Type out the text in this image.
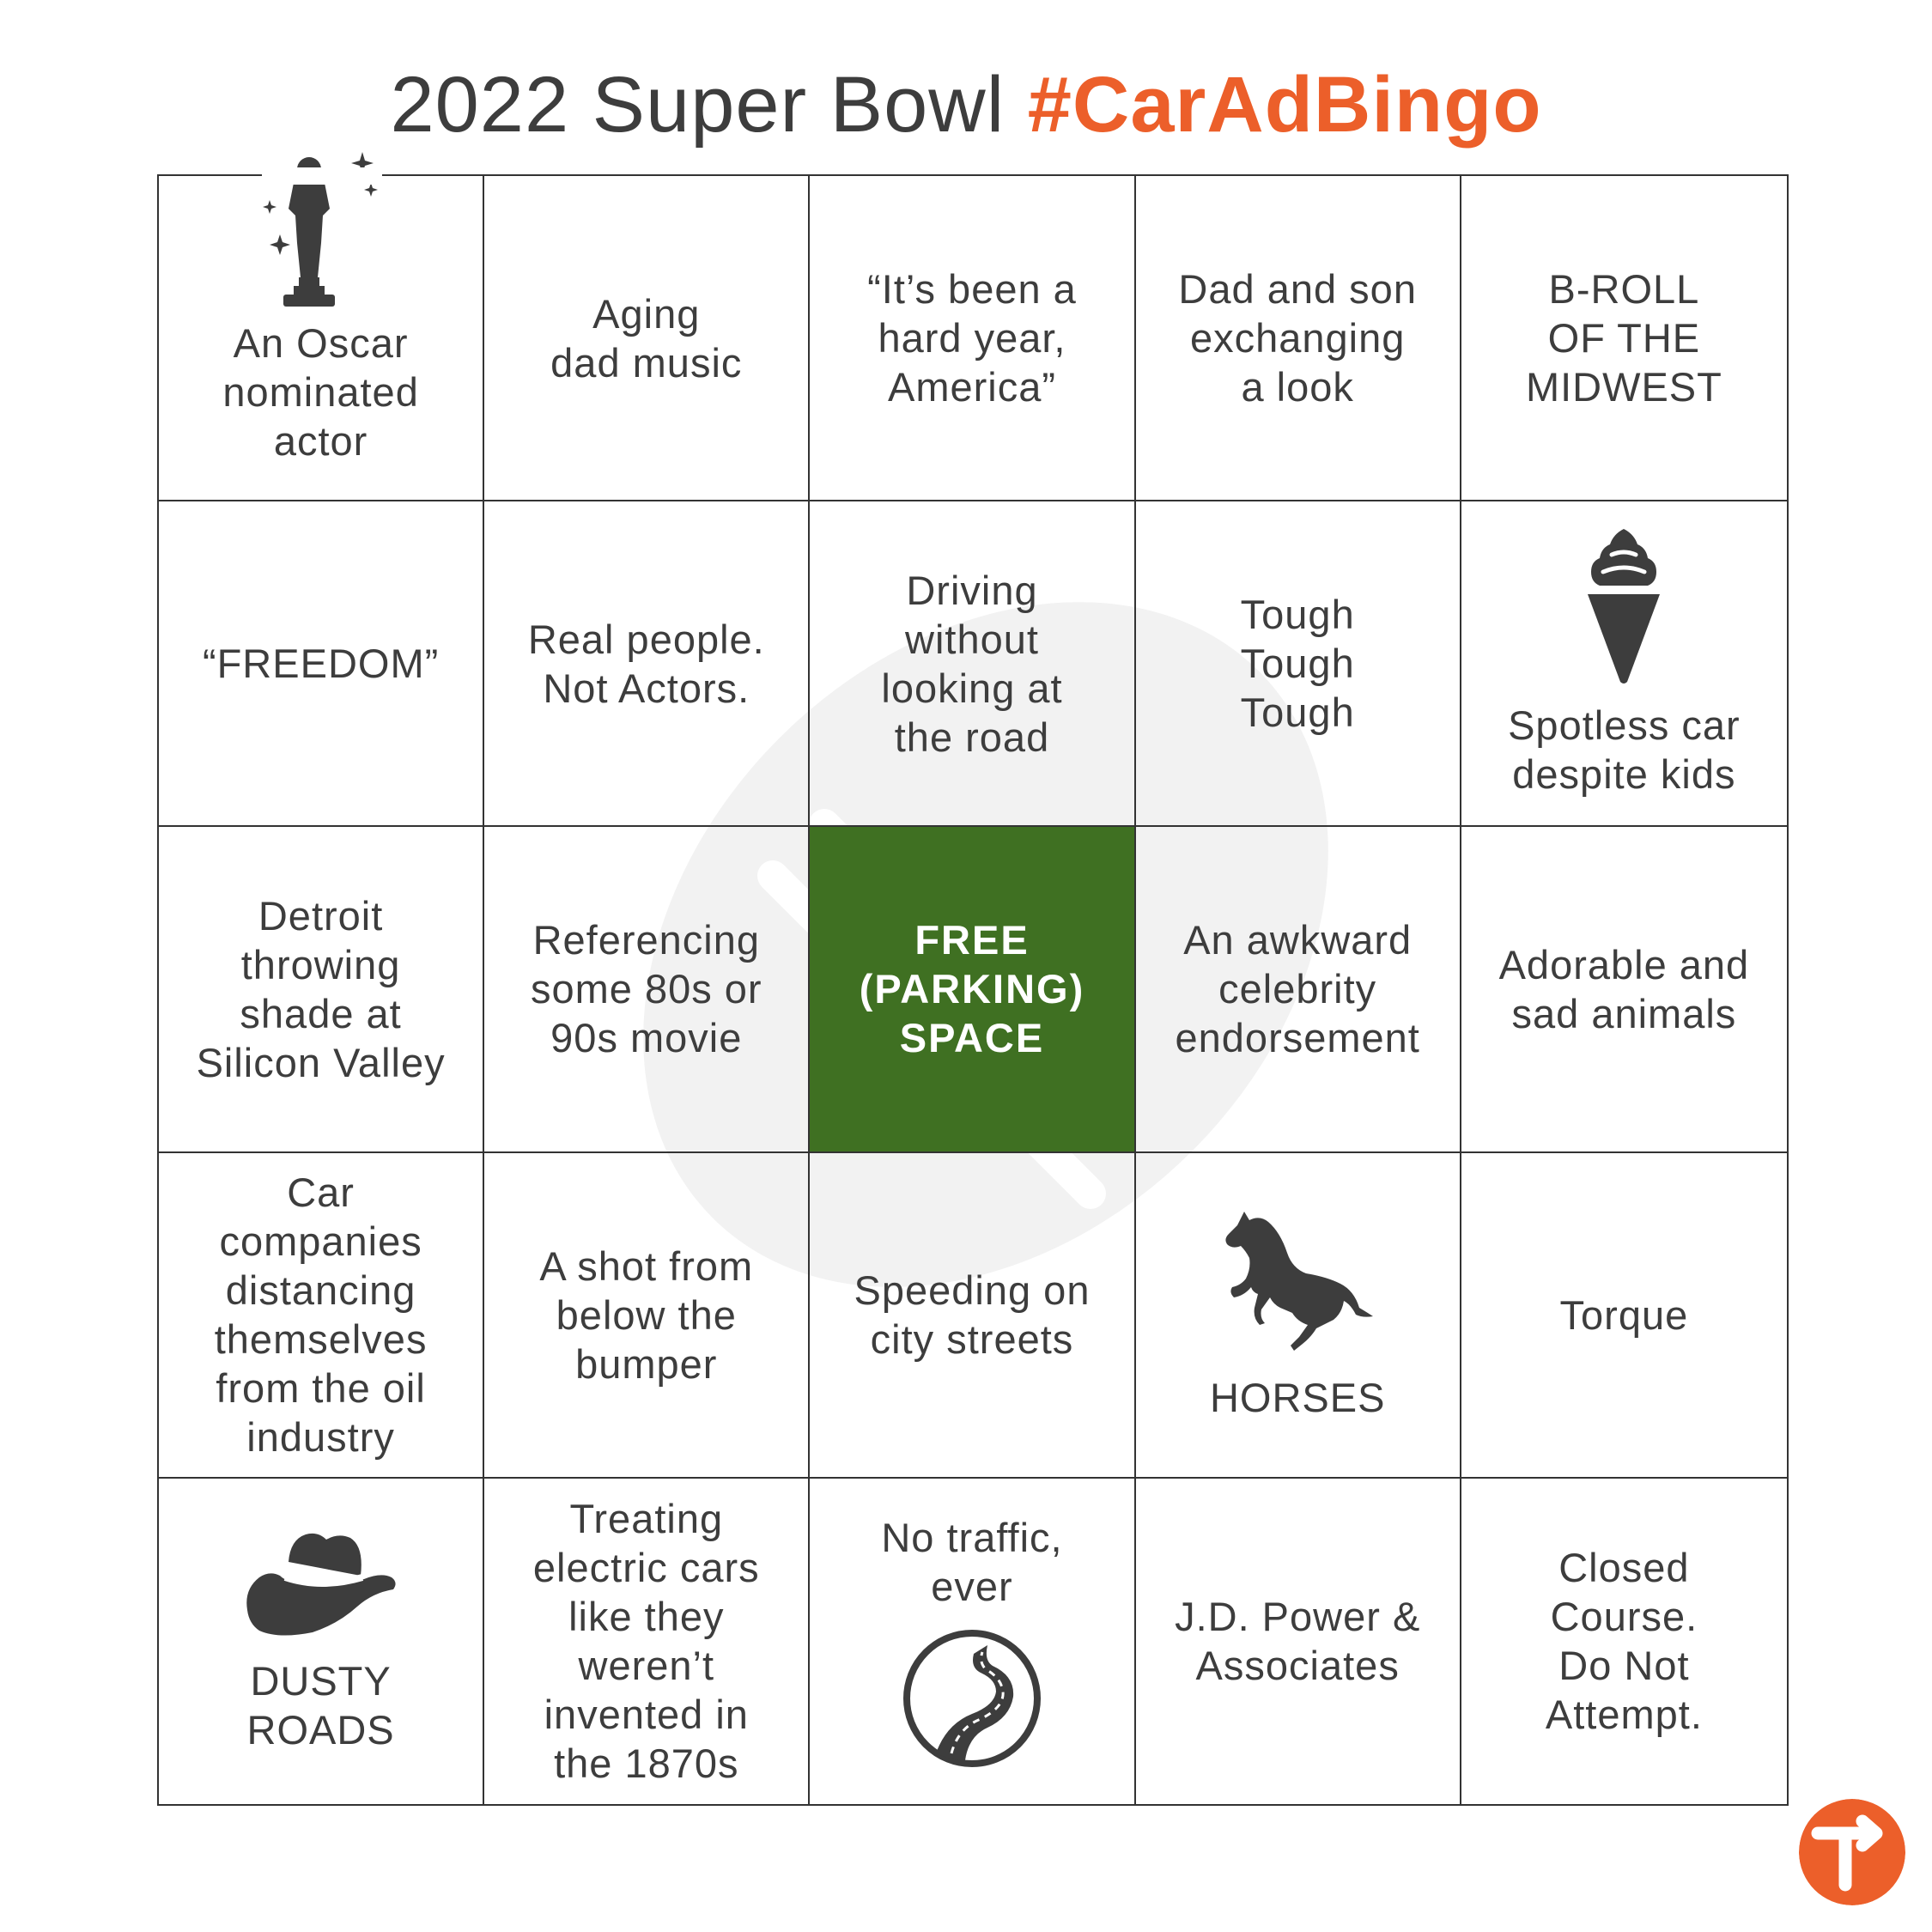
2022 Super Bowl #CarAdBingo
An Oscar
nominated
actor
Aging
dad music
“It’s been a
hard year,
America”
Dad and son
exchanging
a look
B-ROLL
OF THE
MIDWEST
“FREEDOM”
Real people.
Not Actors.
Driving
without
looking at
the road
Tough
Tough
Tough	Spotless car
despite kids
Detroit
throwing
shade at
Silicon Valley
Referencing
some 80s or
90s movie
FREE
(PARKING)
SPACE
An awkward
celebrity
endorsement
Adorable and
sad animals
Car
companies
distancing
themselves
from the oil
industry
A shot from
below the
bumper
Speeding on
city streets
HORSES
Torque
DUSTY
ROADS
Treating
electric cars
like they
weren’t
invented in
the 1870s
No traffic,
ever
J.D. Power &
Associates
Closed
Course.
Do Not
Attempt.
